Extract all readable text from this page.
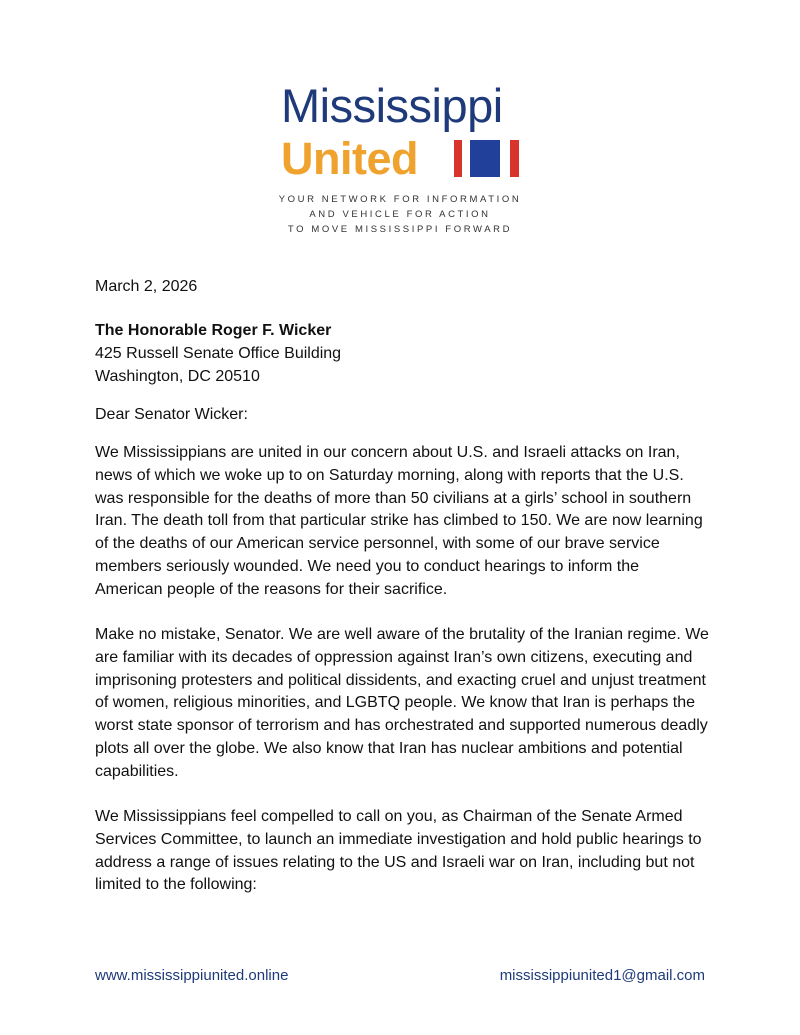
Mississippi
United
YOUR NETWORK FOR INFORMATION
AND VEHICLE FOR ACTION
TO MOVE MISSISSIPPI FORWARD
March 2, 2026
The Honorable Roger F. Wicker
425 Russell Senate Office Building
Washington, DC 20510
Dear Senator Wicker:
We Mississippians are united in our concern about U.S. and Israeli attacks on Iran,
news of which we woke up to on Saturday morning, along with reports that the U.S.
was responsible for the deaths of more than 50 civilians at a girls’ school in southern
Iran. The death toll from that particular strike has climbed to 150. We are now learning
of the deaths of our American service personnel, with some of our brave service
members seriously wounded. We need you to conduct hearings to inform the
American people of the reasons for their sacrifice.
Make no mistake, Senator. We are well aware of the brutality of the Iranian regime. We
are familiar with its decades of oppression against Iran’s own citizens, executing and
imprisoning protesters and political dissidents, and exacting cruel and unjust treatment
of women, religious minorities, and LGBTQ people. We know that Iran is perhaps the
worst state sponsor of terrorism and has orchestrated and supported numerous deadly
plots all over the globe. We also know that Iran has nuclear ambitions and potential
capabilities.
We Mississippians feel compelled to call on you, as Chairman of the Senate Armed
Services Committee, to launch an immediate investigation and hold public hearings to
address a range of issues relating to the US and Israeli war on Iran, including but not
limited to the following:
www.mississippiunited.online	mississippiunited1@gmail.com
